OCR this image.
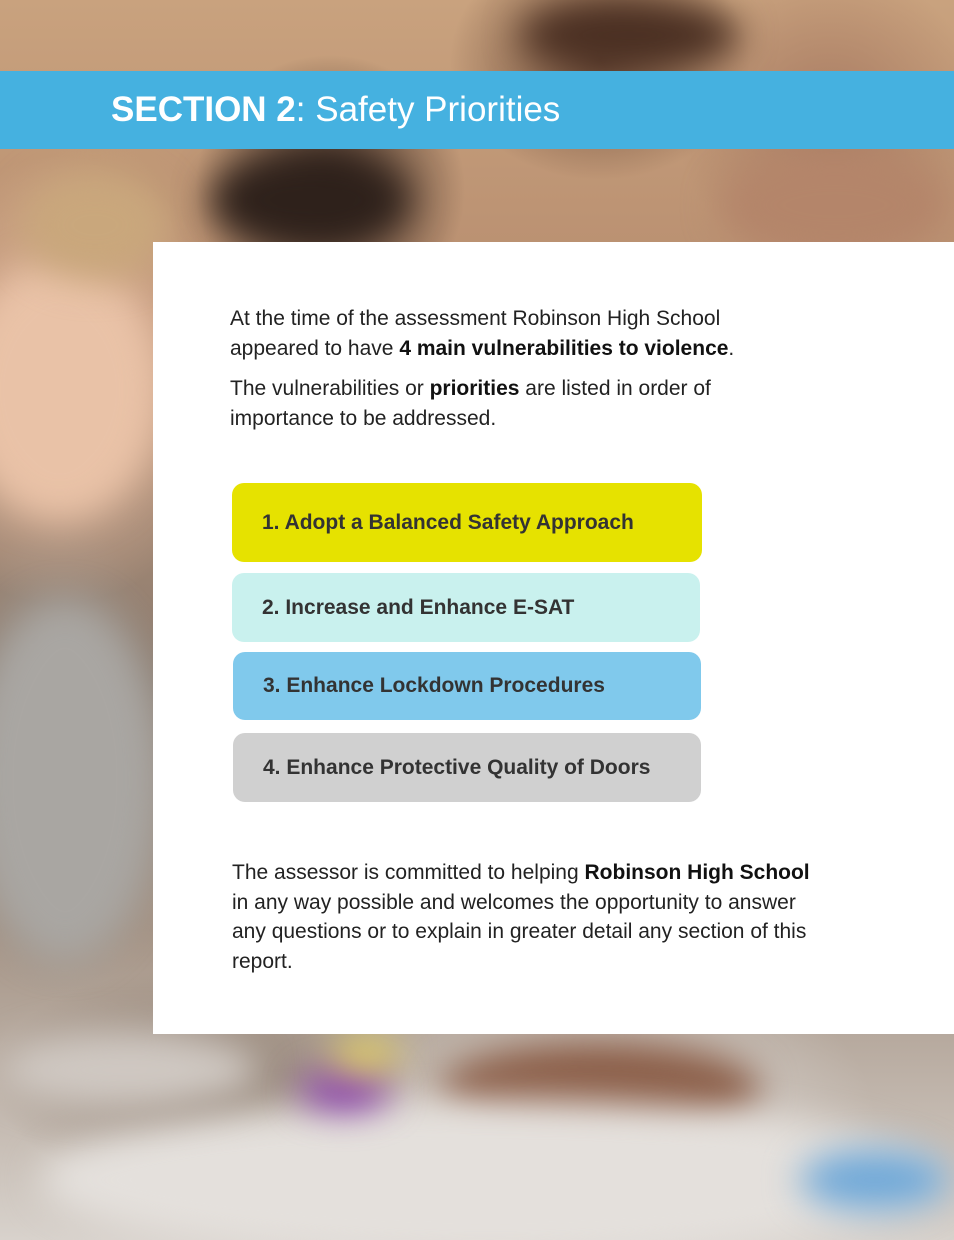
SECTION 2: Safety Priorities

At the time of the assessment Robinson High School appeared to have 4 main vulnerabilities to violence.

The vulnerabilities or priorities are listed in order of importance to be addressed.

1. Adopt a Balanced Safety Approach
2. Increase and Enhance E-SAT
3. Enhance Lockdown Procedures
4. Enhance Protective Quality of Doors

The assessor is committed to helping Robinson High School in any way possible and welcomes the opportunity to answer any questions or to explain in greater detail any section of this report.
